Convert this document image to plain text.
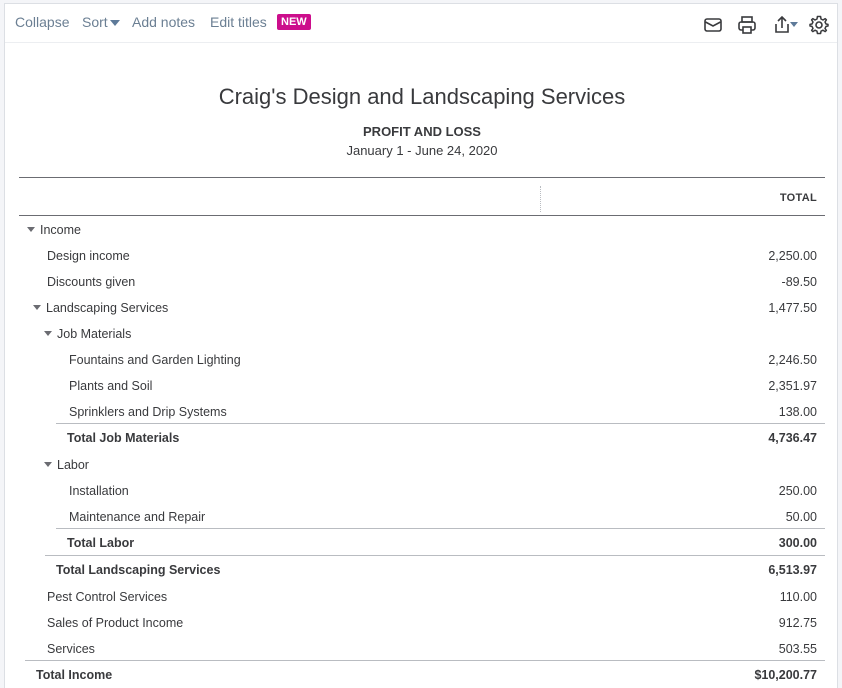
Collapse Sort	Add notes Edit titles	NEW
Craig's Design and Landscaping Services
PROFIT AND LOSS
January 1 - June 24, 2020
TOTAL
Income
Design income	2,250.00
Discounts given	-89.50
Landscaping Services	1,477.50
Job Materials
Fountains and Garden Lighting	2,246.50
Plants and Soil	2,351.97
Sprinklers and Drip Systems	138.00
Total Job Materials	4,736.47
Labor
Installation	250.00
Maintenance and Repair	50.00
Total Labor	300.00
Total Landscaping Services	6,513.97
Pest Control Services	110.00
Sales of Product Income	912.75
Services	503.55
Total Income	$10,200.77
